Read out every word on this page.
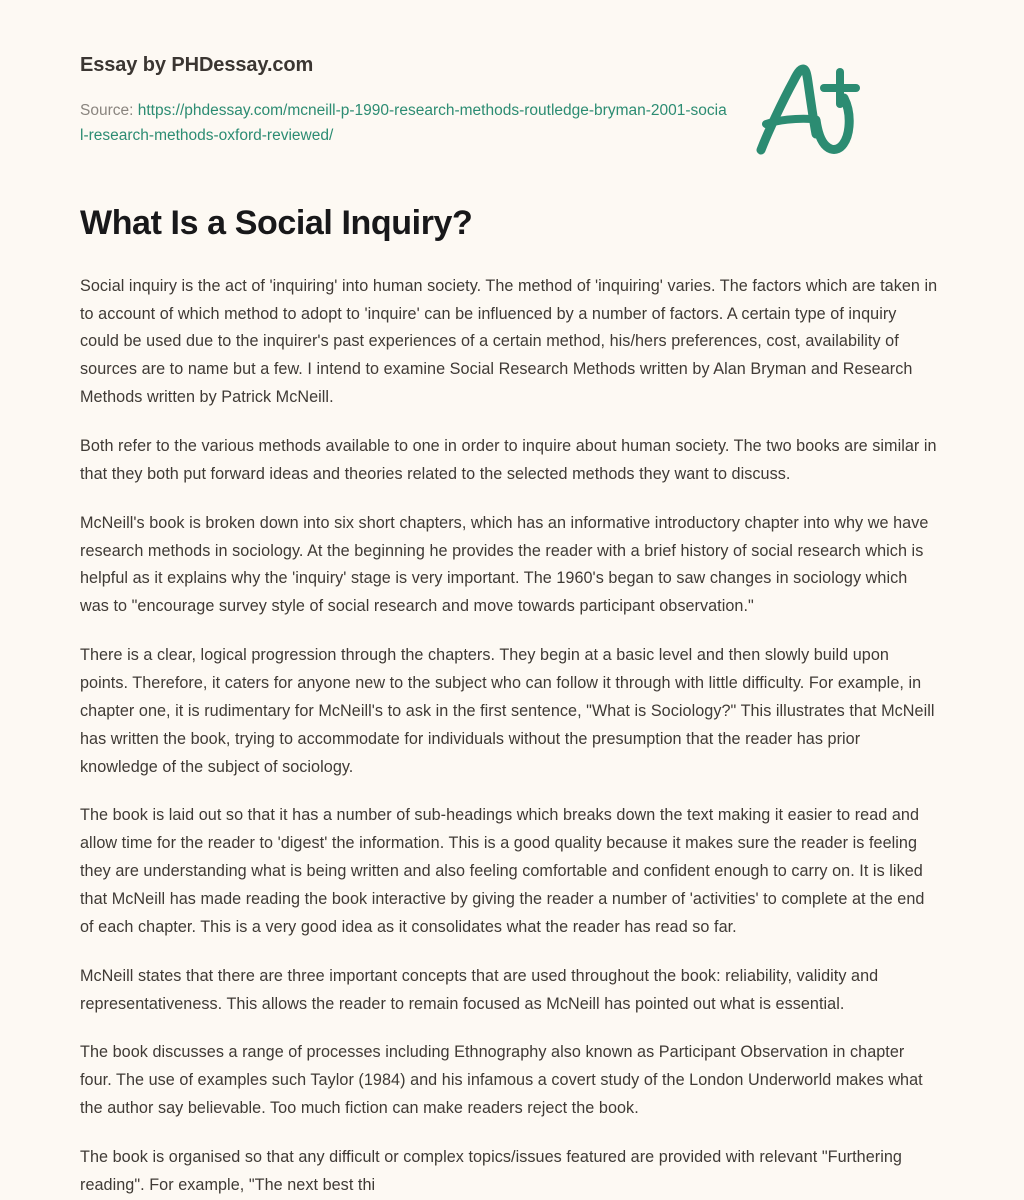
Essay by PHDessay.com

Source: https://phdessay.com/mcneill-p-1990-research-methods-routledge-bryman-2001-social-research-methods-oxford-reviewed/
What Is a Social Inquiry?

Social inquiry is the act of 'inquiring' into human society. The method of 'inquiring' varies. The factors which are taken in to account of which method to adopt to 'inquire' can be influenced by a number of factors. A certain type of inquiry could be used due to the inquirer's past experiences of a certain method, his/hers preferences, cost, availability of sources are to name but a few. I intend to examine Social Research Methods written by Alan Bryman and Research Methods written by Patrick McNeill.

Both refer to the various methods available to one in order to inquire about human society. The two books are similar in that they both put forward ideas and theories related to the selected methods they want to discuss.

McNeill's book is broken down into six short chapters, which has an informative introductory chapter into why we have research methods in sociology. At the beginning he provides the reader with a brief history of social research which is helpful as it explains why the 'inquiry' stage is very important. The 1960's began to saw changes in sociology which was to "encourage survey style of social research and move towards participant observation."

There is a clear, logical progression through the chapters. They begin at a basic level and then slowly build upon points. Therefore, it caters for anyone new to the subject who can follow it through with little difficulty. For example, in chapter one, it is rudimentary for McNeill's to ask in the first sentence, "What is Sociology?" This illustrates that McNeill has written the book, trying to accommodate for individuals without the presumption that the reader has prior knowledge of the subject of sociology.

The book is laid out so that it has a number of sub-headings which breaks down the text making it easier to read and allow time for the reader to 'digest' the information. This is a good quality because it makes sure the reader is feeling they are understanding what is being written and also feeling comfortable and confident enough to carry on. It is liked that McNeill has made reading the book interactive by giving the reader a number of 'activities' to complete at the end of each chapter. This is a very good idea as it consolidates what the reader has read so far.

McNeill states that there are three important concepts that are used throughout the book: reliability, validity and representativeness. This allows the reader to remain focused as McNeill has pointed out what is essential.

The book discusses a range of processes including Ethnography also known as Participant Observation in chapter four. The use of examples such Taylor (1984) and his infamous a covert study of the London Underworld makes what the author say believable. Too much fiction can make readers reject the book.

The book is organised so that any difficult or complex topics/issues featured are provided with relevant "Furthering reading". For example, "The next best thi
